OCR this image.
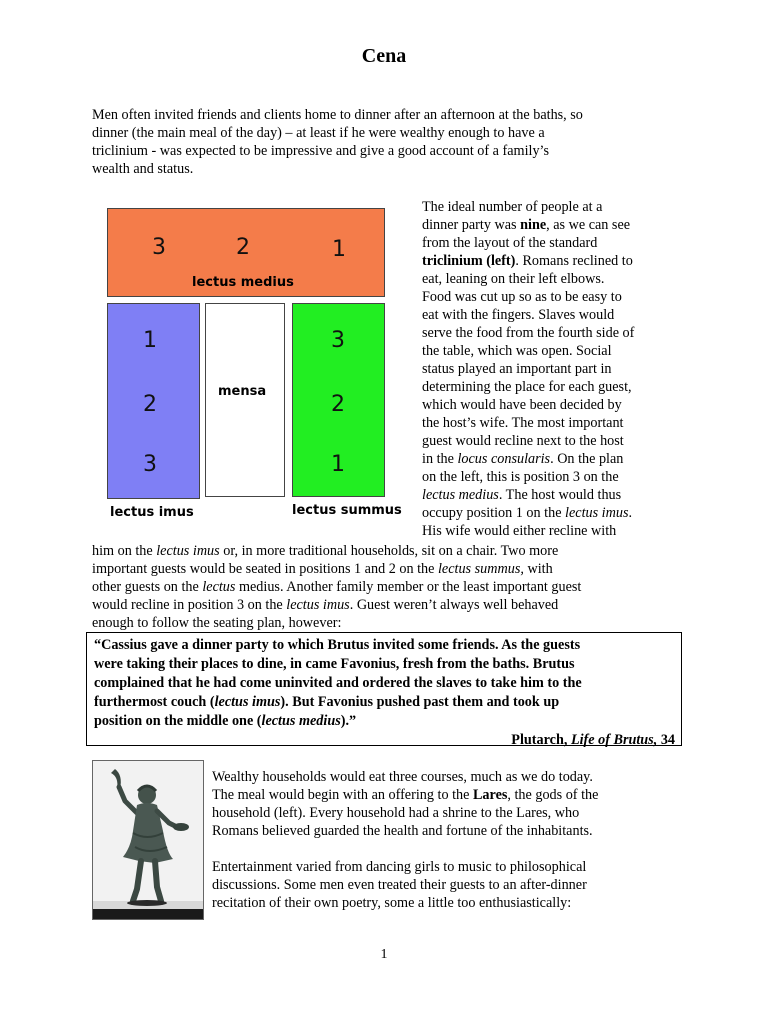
Cena
Men often invited friends and clients home to dinner after an afternoon at the baths, so
dinner (the main meal of the day) – at least if he were wealthy enough to have a
triclinium - was expected to be impressive and give a good account of a family’s
wealth and status.
3	2	1
lectus medius
1
2
3
mensa
3
2
1
lectus imus	lectus summus
The ideal number of people at a
dinner party was nine, as we can see
from the layout of the standard
triclinium (left). Romans reclined to
eat, leaning on their left elbows.
Food was cut up so as to be easy to
eat with the fingers. Slaves would
serve the food from the fourth side of
the table, which was open. Social
status played an important part in
determining the place for each guest,
which would have been decided by
the host’s wife. The most important
guest would recline next to the host
in the locus consularis. On the plan
on the left, this is position 3 on the
lectus medius. The host would thus
occupy position 1 on the lectus imus.
His wife would either recline with
him on the lectus imus or, in more traditional households, sit on a chair. Two more
important guests would be seated in positions 1 and 2 on the lectus summus, with
other guests on the lectus medius. Another family member or the least important guest
would recline in position 3 on the lectus imus. Guest weren’t always well behaved
enough to follow the seating plan, however:
“Cassius gave a dinner party to which Brutus invited some friends. As the guests
were taking their places to dine, in came Favonius, fresh from the baths. Brutus
complained that he had come uninvited and ordered the slaves to take him to the
furthermost couch (lectus imus). But Favonius pushed past them and took up
position on the middle one (lectus medius).”
Plutarch, Life of Brutus, 34
Wealthy households would eat three courses, much as we do today.
The meal would begin with an offering to the Lares, the gods of the
household (left). Every household had a shrine to the Lares, who
Romans believed guarded the health and fortune of the inhabitants.
Entertainment varied from dancing girls to music to philosophical
discussions. Some men even treated their guests to an after-dinner
recitation of their own poetry, some a little too enthusiastically:
1
